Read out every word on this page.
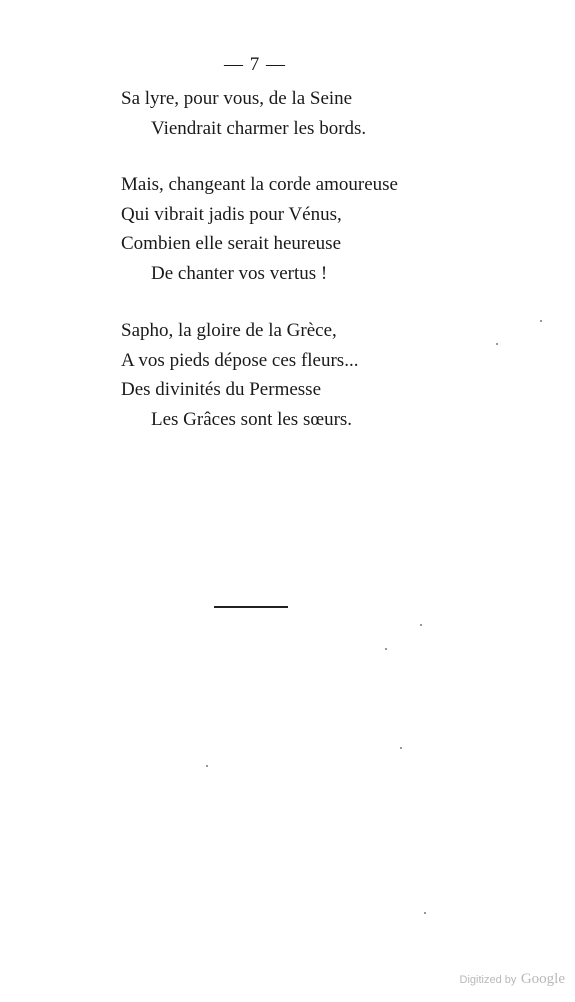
— 7 —
Sa lyre, pour vous, de la Seine
Viendrait charmer les bords.
Mais, changeant la corde amoureuse
Qui vibrait jadis pour Vénus,
Combien elle serait heureuse
De chanter vos vertus !
Sapho, la gloire de la Grèce,
A vos pieds dépose ces fleurs...
Des divinités du Permesse
Les Grâces sont les sœurs.
Digitized by Google
